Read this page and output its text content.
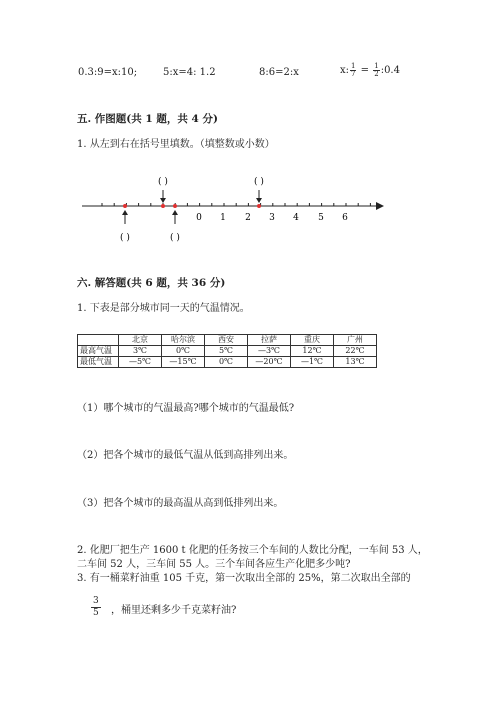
0.3:9=x:10;	5:x=4: 1.2	8:6=2:x	x: $\frac{1}{7} = \frac{1}{2}$ :0.4
五. 作图题(共 1 题，共 4 分)
1. 从左到右在括号里填数。（填整数或小数）
0 1 2 3 4 5 6
( )	( )
( )	( )
六. 解答题(共 6 题，共 36 分)
1. 下表是部分城市同一天的气温情况。
	北京	哈尔滨	西安	拉萨	重庆	广州
最高气温	3℃	0℃	5℃	—3℃	12℃	22℃
最低气温	—5℃	—15℃	0℃	—20℃	—1℃	13℃
（1）哪个城市的气温最高?哪个城市的气温最低?
（2）把各个城市的最低气温从低到高排列出来。
（3）把各个城市的最高温从高到低排列出来。
2. 化肥厂把生产 1600 t 化肥的任务按三个车间的人数比分配，一车间 53 人，
二车间 52 人，三车间 55 人。三个车间各应生产化肥多少吨?
3. 有一桶菜籽油重 105 千克，第一次取出全部的 25%，第二次取出全部的
$\frac{3}{5}$ ，桶里还剩多少千克菜籽油?
